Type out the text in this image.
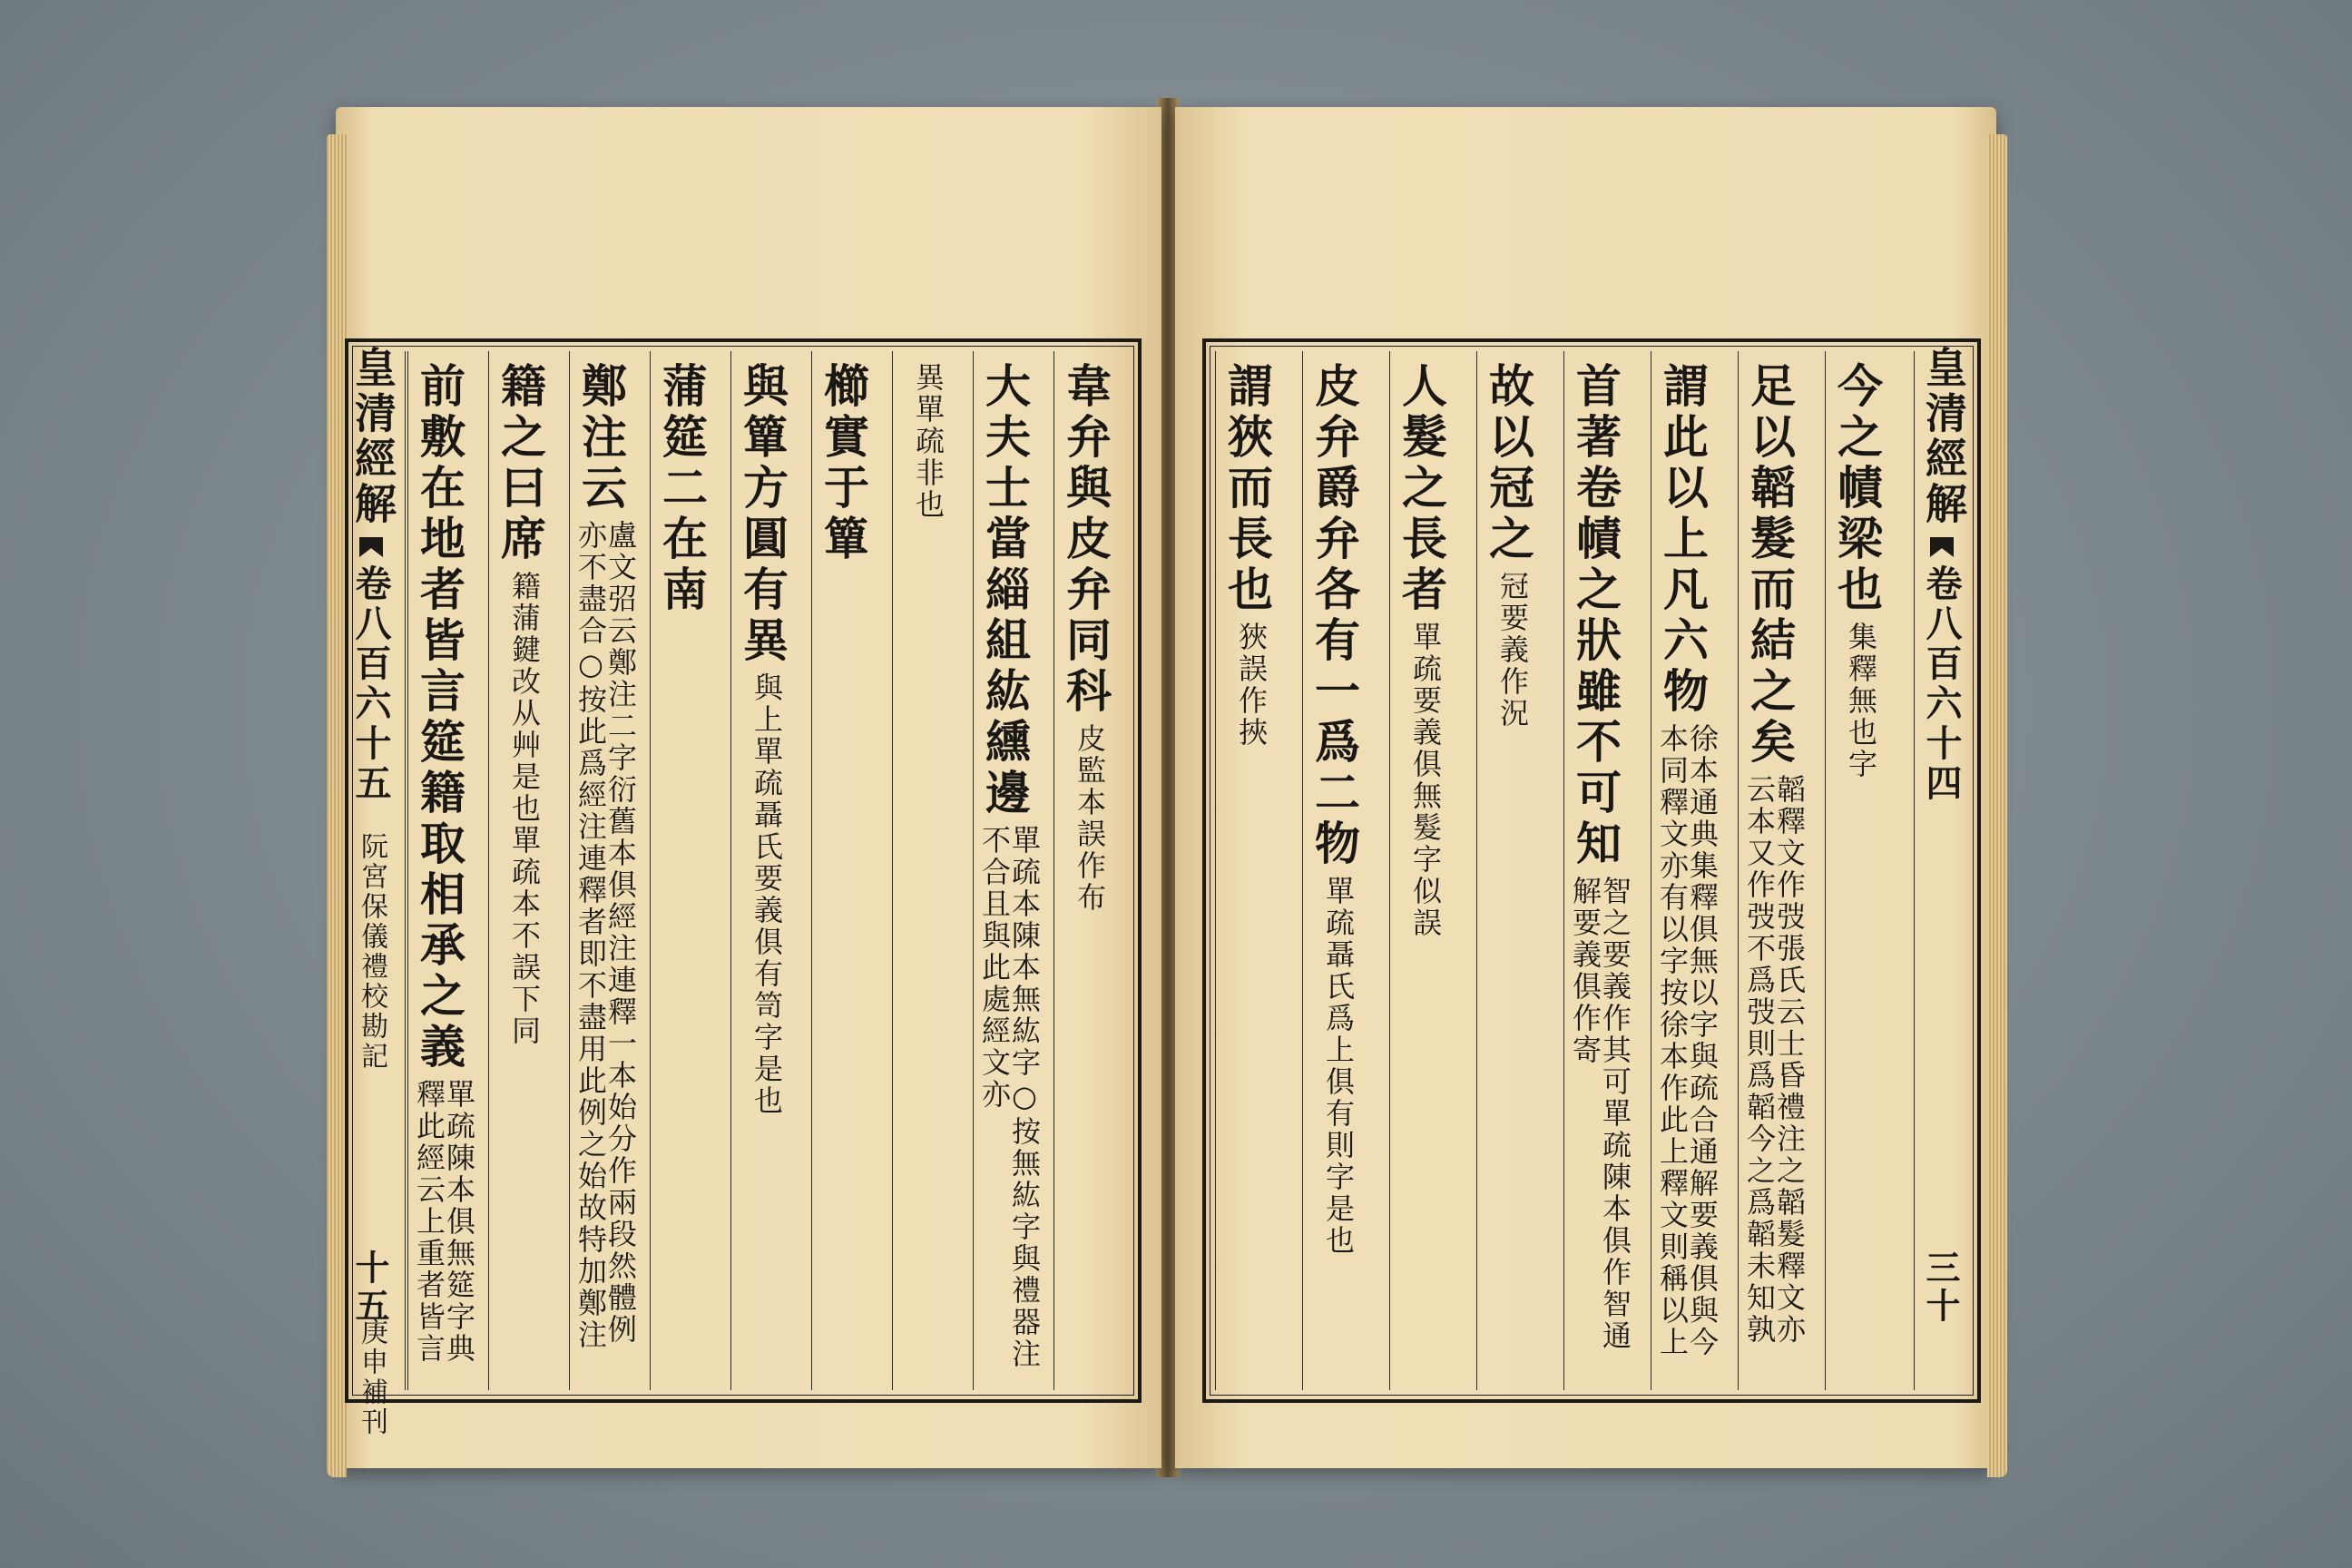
皇清經解
卷八百六十五
阮宮保儀禮校勘記
十五
庚申補刊
韋弁與皮弁同科
皮監本誤作布
大夫士當緇組紘纁邊
單疏本陳本無紘字○按無紘字與禮器注
不合且與此處經文亦
異單疏非也
櫛實于簞
與簞方圓有異
與上單疏聶氏要義俱有笥字是也
蒲筵二在南
鄭注云
盧文弨云鄭注二字衍舊本俱經注連釋一本始分作兩段然體例
亦不盡合○按此爲經注連釋者即不盡用此例之始故特加鄭注
籍之曰席
籍蒲鍵改从艸是也單疏本不誤下同
前敷在地者皆言筵籍取相承之義
單疏陳本俱無筵字典
釋此經云上重者皆言
今之幘梁也
集釋無也字
足以韜髮而結之矣
韜釋文作弢張氏云士昏禮注之韜髮釋文亦
云本又作弢不爲弢則爲韜今之爲韜未知孰
謂此以上凡六物
徐本通典集釋俱無以字與疏合通解要義俱與今
本同釋文亦有以字按徐本作此上釋文則稱以上
首著卷幘之狀雖不可知
智之要義作其可單疏陳本俱作智通
解要義俱作寄
故以冠之
冠要義作況
人髮之長者
單疏要義俱無髮字似誤
皮弁爵弁各有一爲二物
單疏聶氏爲上俱有則字是也
謂狹而長也
狹誤作挾
皇清經解
卷八百六十四
三十
